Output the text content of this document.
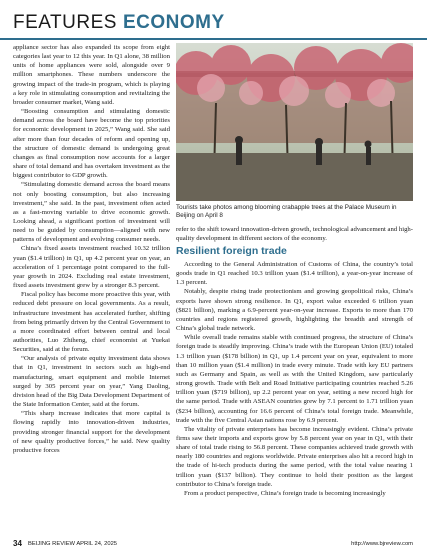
FEATURES ECONOMY

appliance sector has also expanded its scope from eight categories last year to 12 this year. In Q1 alone, 38 million units of home appliances were sold, alongside over 9 million smartphones. These numbers underscore the growing impact of the trade-in program, which is playing a key role in stimulating consumption and revitalizing the broader consumer market, Wang said.

“Boosting consumption and stimulating domestic demand across the board have become the top priorities for economic development in 2025,” Wang said. She said after more than four decades of reform and opening up, the structure of domestic demand is undergoing great changes as final consumption now accounts for a larger share of total demand and has overtaken investment as the biggest contributor to GDP growth.

“Stimulating domestic demand across the board means not only boosting consumption, but also increasing investment,” she said. In the past, investment often acted as a fast-moving variable to drive economic growth. Looking ahead, a significant portion of investment will need to be guided by consumption—aligned with new patterns of development and evolving consumer needs.

China’s fixed assets investment reached 10.32 trillion yuan ($1.4 trillion) in Q1, up 4.2 percent year on year, an acceleration of 1 percentage point compared to the full-year growth in 2024. Excluding real estate investment, fixed assets investment grew by a stronger 8.3 percent.

Fiscal policy has become more proactive this year, with reduced debt pressure on local governments. As a result, infrastructure investment has accelerated further, shifting from being primarily driven by the Central Government to a more coordinated effort between central and local authorities, Luo Zhiheng, chief economist at Yuekai Securities, said at the forum.

“Our analysis of private equity investment data shows that in Q1, investment in sectors such as high-end manufacturing, smart equipment and mobile Internet surged by 305 percent year on year,” Yang Daoling, division head of the Big Data Development Department of the State Information Center, said at the forum.

“This sharp increase indicates that more capital is flowing rapidly into innovation-driven industries, providing stronger financial support for the development of new quality productive forces,” he said. New quality productive forces

Tourists take photos among blooming crabapple trees at the Palace Museum in Beijing on April 8

refer to the shift toward innovation-driven growth, technological advancement and high-quality development in different sectors of the economy.

Resilient foreign trade

According to the General Administration of Customs of China, the country’s total goods trade in Q1 reached 10.3 trillion yuan ($1.4 trillion), a year-on-year increase of 1.3 percent.

Notably, despite rising trade protectionism and growing geopolitical risks, China’s exports have shown strong resilience. In Q1, export value exceeded 6 trillion yuan ($821 billion), marking a 6.9-percent year-on-year increase. Exports to more than 170 countries and regions registered growth, highlighting the breadth and strength of China’s global trade network.

While overall trade remains stable with continued progress, the structure of China’s foreign trade is steadily improving. China’s trade with the European Union (EU) totaled 1.3 trillion yuan ($178 billion) in Q1, up 1.4 percent year on year, equivalent to more than 10 million yuan ($1.4 million) in trade every minute. Trade with key EU partners such as Germany and Spain, as well as with the United Kingdom, saw particularly strong growth. Trade with Belt and Road Initiative participating countries reached 5.26 trillion yuan ($719 billion), up 2.2 percent year on year, setting a new record high for the same period. Trade with ASEAN countries grew by 7.1 percent to 1.71 trillion yuan ($234 billion), accounting for 16.6 percent of China’s total foreign trade. Meanwhile, trade with the five Central Asian nations rose by 6.9 percent.

The vitality of private enterprises has become increasingly evident. China’s private firms saw their imports and exports grow by 5.8 percent year on year in Q1, with their share of total trade rising to 56.8 percent. These companies achieved trade growth with nearly 180 countries and regions worldwide. Private enterprises also hit a record high in the trade of hi-tech products during the same period, with the total value nearing 1 trillion yuan ($137 billion). They continue to hold their position as the largest contributor to China’s foreign trade.

From a product perspective, China’s foreign trade is becoming increasingly

34 BEIJING REVIEW APRIL 24, 2025	http://www.bjreview.com
